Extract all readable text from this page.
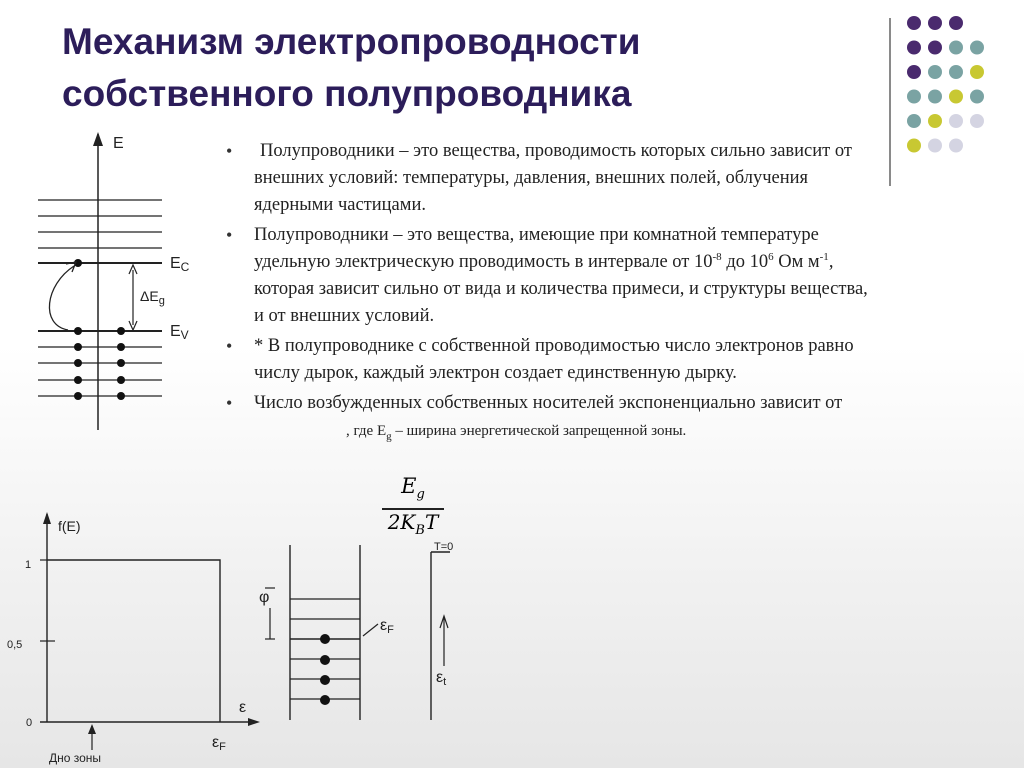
Механизм электропроводности
собственного полупроводника
• Полупроводники – это вещества, проводимость которых сильно зависит от внешних условий: температуры, давления, внешних полей, облучения ядерными частицами.
• Полупроводники – это вещества, имеющие при комнатной температуре удельную электрическую проводимость в интервале от $10^{-8}$ до $10^6$ Ом $м^{-1}$, которая зависит сильно от вида и количества примеси, и структуры вещества, и от внешних условий.
• * В полупроводнике с собственной проводимостью число электронов равно числу дырок, каждый электрон создает единственную дырку.
• Число возбужденных собственных носителей экспоненциально зависит от, где $E_g$ – ширина энергетической запрещенной зоны.
$E_g$
$2K_BT$
E
$\Delta E_g$
EC
EV
f(E)
1
0,5
0
ε
εF
Дно зоны
φ
εF
εt
T=0
